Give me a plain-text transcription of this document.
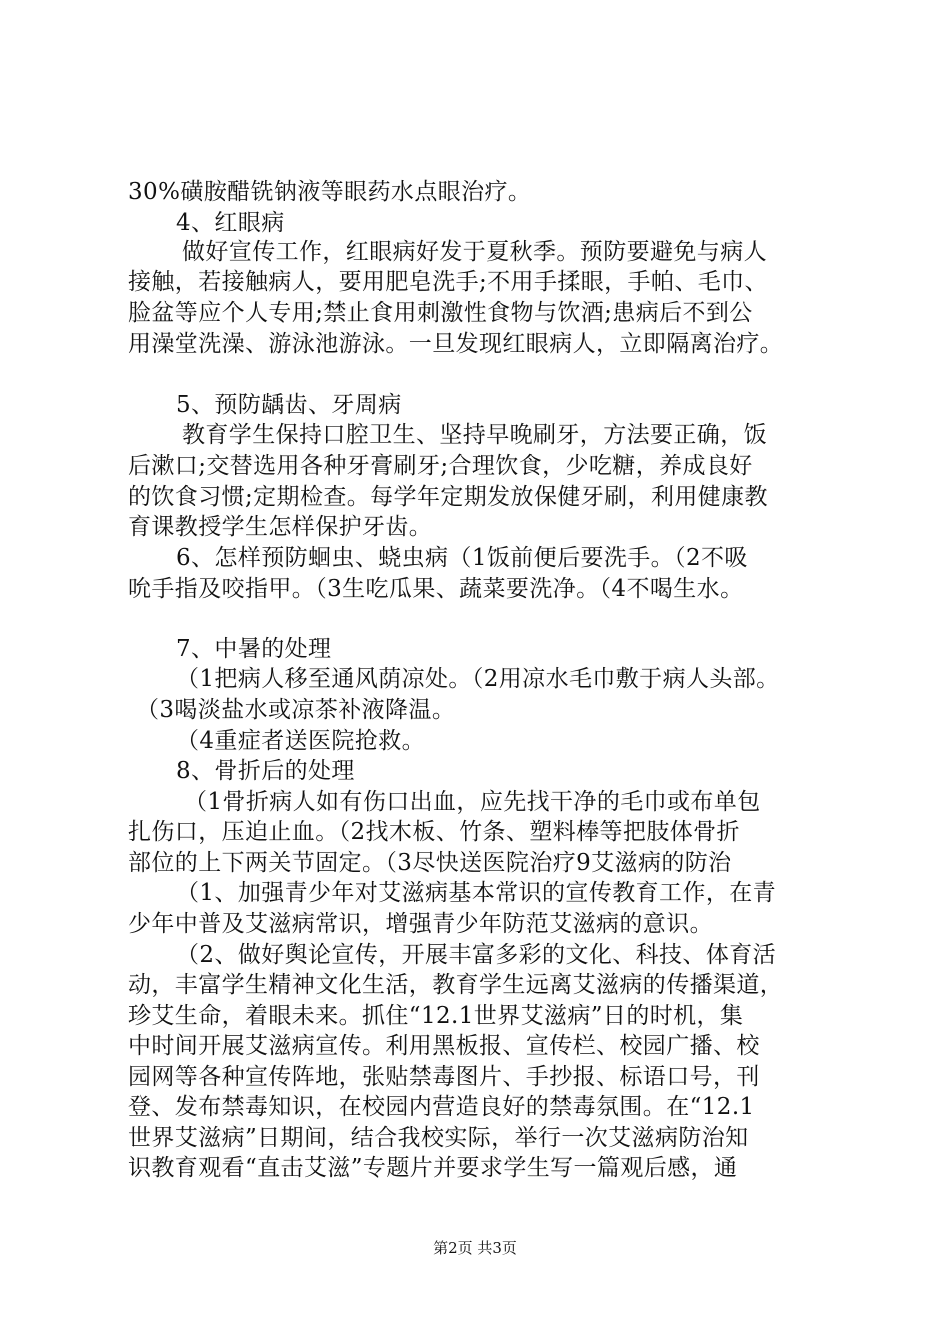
30%磺胺醋铣钠液等眼药水点眼治疗。
4、红眼病
做好宣传工作，红眼病好发于夏秋季。预防要避免与病人
接触，若接触病人，要用肥皂洗手;不用手揉眼，手帕、毛巾、
脸盆等应个人专用;禁止食用刺激性食物与饮酒;患病后不到公
用澡堂洗澡、游泳池游泳。一旦发现红眼病人，立即隔离治疗。
5、预防龋齿、牙周病
教育学生保持口腔卫生、坚持早晚刷牙，方法要正确，饭
后漱口;交替选用各种牙膏刷牙;合理饮食，少吃糖，养成良好
的饮食习惯;定期检查。每学年定期发放保健牙刷，利用健康教
育课教授学生怎样保护牙齿。
6、怎样预防蛔虫、蛲虫病（1饭前便后要洗手。（2不吸
吮手指及咬指甲。（3生吃瓜果、蔬菜要洗净。（4不喝生水。
7、中暑的处理
（1把病人移至通风荫凉处。（2用凉水毛巾敷于病人头部。
（3喝淡盐水或凉茶补液降温。
（4重症者送医院抢救。
8、骨折后的处理
（1骨折病人如有伤口出血，应先找干净的毛巾或布单包
扎伤口，压迫止血。（2找木板、竹条、塑料棒等把肢体骨折
部位的上下两关节固定。（3尽快送医院治疗9艾滋病的防治
（1、加强青少年对艾滋病基本常识的宣传教育工作，在青
少年中普及艾滋病常识，增强青少年防范艾滋病的意识。
（2、做好舆论宣传，开展丰富多彩的文化、科技、体育活
动，丰富学生精神文化生活，教育学生远离艾滋病的传播渠道，
珍艾生命，着眼未来。抓住“12.1世界艾滋病”日的时机，集
中时间开展艾滋病宣传。利用黑板报、宣传栏、校园广播、校
园网等各种宣传阵地，张贴禁毒图片、手抄报、标语口号，刊
登、发布禁毒知识，在校园内营造良好的禁毒氛围。在“12.1
世界艾滋病”日期间，结合我校实际，举行一次艾滋病防治知
识教育观看“直击艾滋”专题片并要求学生写一篇观后感，通
第2页 共3页
